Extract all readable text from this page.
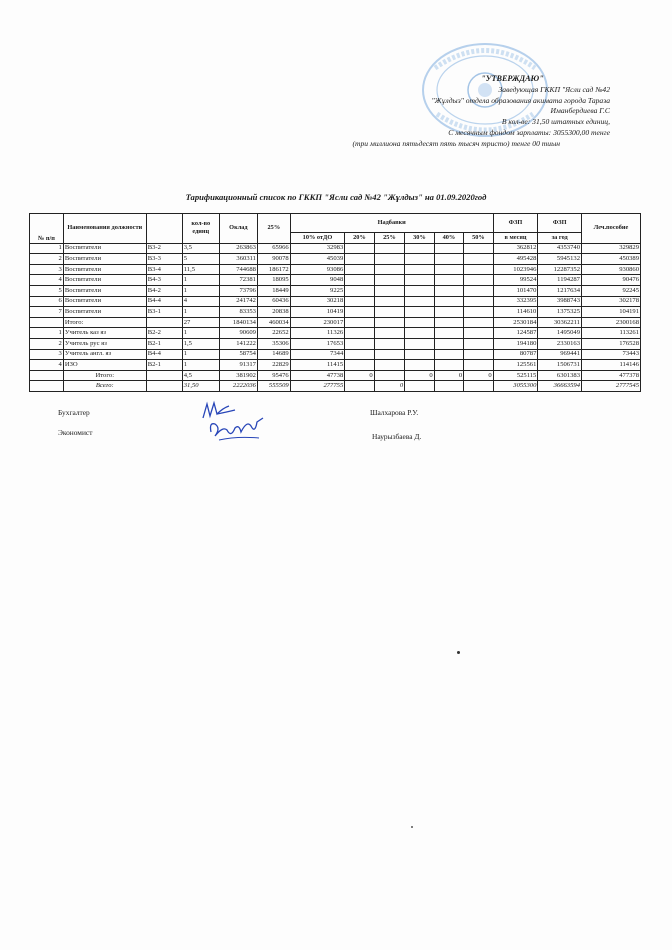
"УТВЕРЖДАЮ"
Заведующая ГККП "Ясли сад №42
"Жұлдыз" отдела образования акимата города Тараза
Иманбердиева Г.С
В кол-ве: 31,50 штатных единиц,
С месячным фондом зарплаты: 3055300,00 тенге
(три миллиона пятьдесят пять тысяч тристо) тенге 00 тиын
Тарификационный список по ГККП "Ясли сад №42 "Жұлдыз" на 01.09.2020год
№ п/п	Наименования должности		кол-во единц	Оклад	25%	Надбавки						ФЗП	ФЗП	Леч.пособие
						10% отДО	20%	25%	30%	40%	50%	в месяц	за год	
1	Воспитатели	В3-2	3,5	263863	65966	32983						362812	4353740	329829
2	Воспитатели	В3-3	5	360311	90078	45039						495428	5945132	450389
3	Воспитатели	В3-4	11,5	744688	186172	93086						1023946	12287352	930860
4	Воспитатели	В4-3	1	72381	18095	9048						99524	1194287	90476
5	Воспитатели	В4-2	1	73796	18449	9225						101470	1217634	92245
6	Воспитатели	В4-4	4	241742	60436	30218						332395	3988743	302178
7	Воспитатели	В3-1	1	83353	20838	10419						114610	1375325	104191
	Итого:		27	1840134	460034	230017						2530184	30362211	2300168
1	Учитель каз яз	В2-2	1	90609	22652	11326						124587	1495049	113261
2	Учитель рус яз	В2-1	1,5	141222	35306	17653						194180	2330163	176528
3	Учитель англ. яз	В4-4	1	58754	14689	7344						80787	969441	73443
4	ИЗО	В2-1	1	91317	22829	11415						125561	1506731	114146
	Итого:		4,5	381902	95476	47738	0		0	0	0	525115	6301383	477378
	Всего:		31,50	2222036	555509	277755		0				3055300	36663594	2777545
Бухгалтер	Шалхарова Р.У.
Экономист	Наурызбаева Д.
